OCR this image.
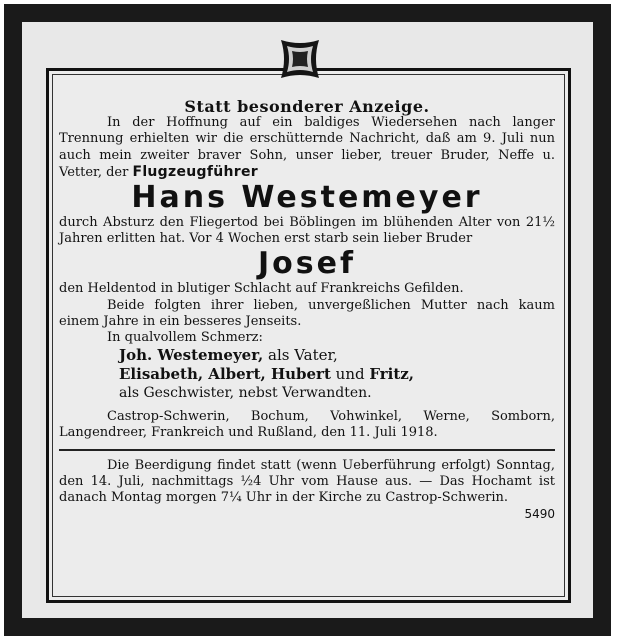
Statt besonderer Anzeige.

In der Hoffnung auf ein baldiges Wiedersehen nach langer Trennung erhielten wir die erschütternde Nachricht, daß am 9. Juli nun auch mein zweiter braver Sohn, unser lieber, treuer Bruder, Neffe u. Vetter, der Flugzeugführer

Hans Westemeyer

durch Absturz den Fliegertod bei Böblingen im blühenden Alter von 21½ Jahren erlitten hat. Vor 4 Wochen erst starb sein lieber Bruder

Josef

den Heldentod in blutiger Schlacht auf Frankreichs Gefilden.

Beide folgten ihrer lieben, unvergeßlichen Mutter nach kaum einem Jahre in ein besseres Jenseits.

In qualvollem Schmerz:

Joh. Westemeyer, als Vater,

Elisabeth, Albert, Hubert und Fritz,

als Geschwister, nebst Verwandten.

Castrop-Schwerin, Bochum, Vohwinkel, Werne, Somborn, Langendreer, Frankreich und Rußland, den 11. Juli 1918.

Die Beerdigung findet statt (wenn Ueberführung erfolgt) Sonntag, den 14. Juli, nachmittags ½4 Uhr vom Hause aus. — Das Hochamt ist danach Montag morgen 7¼ Uhr in der Kirche zu Castrop-Schwerin.
5490
